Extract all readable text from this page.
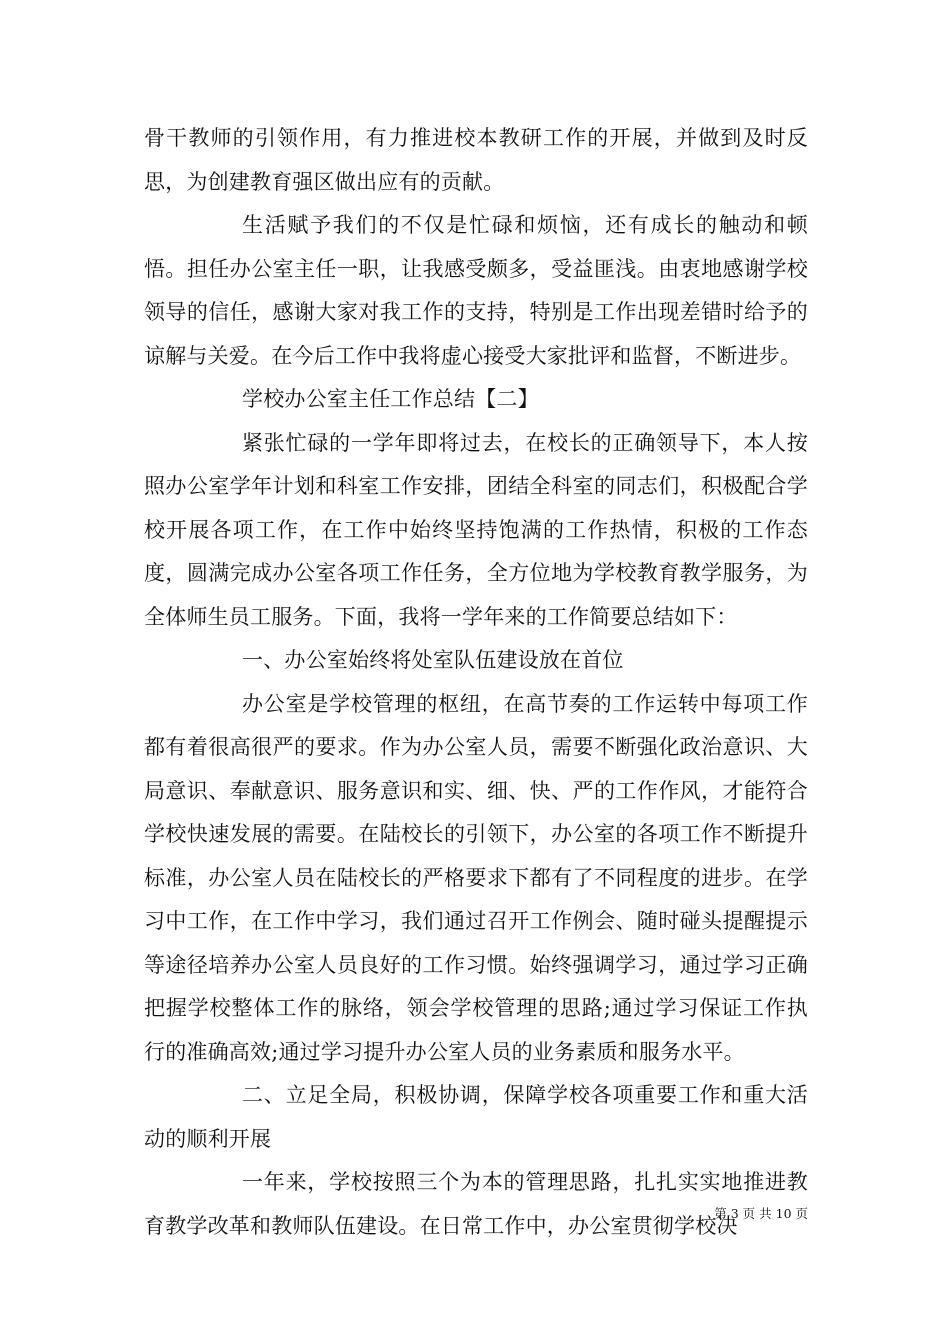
骨干教师的引领作用，有力推进校本教研工作的开展，并做到及时反思，为创建教育强区做出应有的贡献。

生活赋予我们的不仅是忙碌和烦恼，还有成长的触动和顿悟。担任办公室主任一职，让我感受颇多，受益匪浅。由衷地感谢学校领导的信任，感谢大家对我工作的支持，特别是工作出现差错时给予的谅解与关爱。在今后工作中我将虚心接受大家批评和监督，不断进步。

学校办公室主任工作总结【二】

紧张忙碌的一学年即将过去，在校长的正确领导下，本人按照办公室学年计划和科室工作安排，团结全科室的同志们，积极配合学校开展各项工作，在工作中始终坚持饱满的工作热情，积极的工作态度，圆满完成办公室各项工作任务，全方位地为学校教育教学服务，为全体师生员工服务。下面，我将一学年来的工作简要总结如下：

一、办公室始终将处室队伍建设放在首位

办公室是学校管理的枢纽，在高节奏的工作运转中每项工作都有着很高很严的要求。作为办公室人员，需要不断强化政治意识、大局意识、奉献意识、服务意识和实、细、快、严的工作作风，才能符合学校快速发展的需要。在陆校长的引领下，办公室的各项工作不断提升标准，办公室人员在陆校长的严格要求下都有了不同程度的进步。在学习中工作，在工作中学习，我们通过召开工作例会、随时碰头提醒提示等途径培养办公室人员良好的工作习惯。始终强调学习，通过学习正确把握学校整体工作的脉络，领会学校管理的思路;通过学习保证工作执行的准确高效;通过学习提升办公室人员的业务素质和服务水平。

二、立足全局，积极协调，保障学校各项重要工作和重大活动的顺利开展

一年来，学校按照三个为本的管理思路，扎扎实实地推进教育教学改革和教师队伍建设。在日常工作中，办公室贯彻学校决

第 3 页 共 10 页
